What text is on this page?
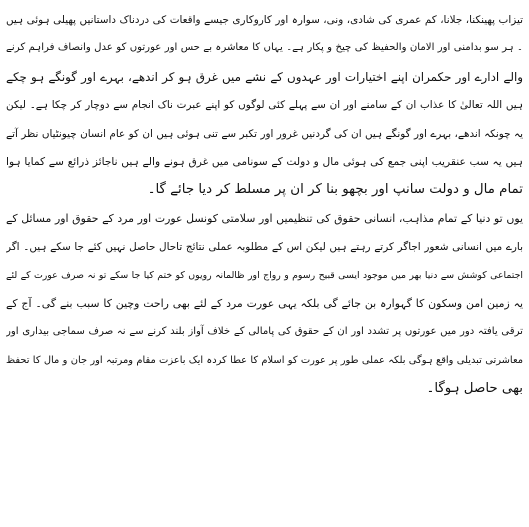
تیزاب پھینکنا، جلانا، کم عمری کی شادی، ونی، سوارہ اور کاروکاری جیسے واقعات کی دردناک داستانیں پھیلی ہوئی ہیں
۔ ہر سو بدامنی اور الامان والحفیظ کی چیخ و پکار ہے۔ یہاں کا معاشرہ بے حس اور عورتوں کو عدل وانصاف فراہم کرنے
والے ادارے اور حکمران اپنے اختیارات اور عہدوں کے نشے میں غرق ہو کر اندھے، بہرے اور گونگے ہو چکے
ہیں اللہ تعالیٰ کا عذاب ان کے سامنے اور ان سے پہلے کئی لوگوں کو اپنے عبرت ناک انجام سے دوچار کر چکا ہے۔ لیکن
یہ چونکہ اندھے، بہرے اور گونگے ہیں ان کی گردنیں غرور اور تکبر سے تنی ہوئی ہیں ان کو عام انسان چیونٹیاں نظر آتے
ہیں یہ سب عنقریب اپنی جمع کی ہوئی مال و دولت کے سونامی میں غرق ہونے والے ہیں ناجائز ذرائع سے کمایا ہوا
تمام مال و دولت سانپ اور بچھو بنا کر ان پر مسلط کر دیا جائے گا۔
یوں تو دنیا کے تمام مذاہب، انسانی حقوق کی تنظیمیں اور سلامتی کونسل عورت اور مرد کے حقوق اور مسائل کے
بارے میں انسانی شعور اجاگر کرتے رہتے ہیں لیکن اس کے مطلوبہ عملی نتائج تاحال حاصل نہیں کئے جا سکے ہیں۔ اگر
اجتماعی کوشش سے دنیا بھر میں موجود ایسی قبیح رسوم و رواج اور ظالمانہ رویوں کو ختم کیا جا سکے تو نہ صرف عورت کے لئے
یہ زمین امن وسکون کا گہوارہ بن جائے گی بلکہ یہی عورت مرد کے لئے بھی راحت وچین کا سبب بنے گی۔ آج کے
ترقی یافتہ دور میں عورتوں پر تشدد اور ان کے حقوق کی پامالی کے خلاف آواز بلند کرنے سے نہ صرف سماجی بیداری اور
معاشرتی تبدیلی واقع ہوگی بلکہ عملی طور پر عورت کو اسلام کا عطا کردہ ایک باعزت مقام ومرتبہ اور جان و مال کا تحفظ
بھی حاصل ہوگا۔
